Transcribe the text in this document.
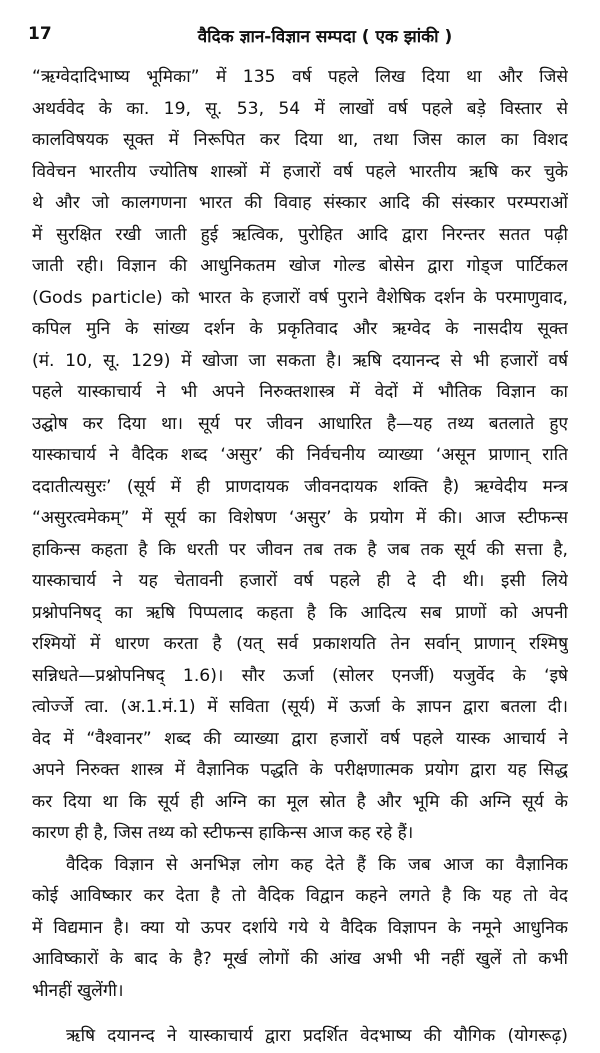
17	वैदिक ज्ञान-विज्ञान सम्पदा ( एक झांकी )
“ऋग्वेदादिभाष्य भूमिका” में 135 वर्ष पहले लिख दिया था और जिसे
अथर्ववेद के का. 19, सू. 53, 54 में लाखों वर्ष पहले बड़े विस्तार से
कालविषयक सूक्त में निरूपित कर दिया था, तथा जिस काल का विशद
विवेचन भारतीय ज्योतिष शास्त्रों में हजारों वर्ष पहले भारतीय ऋषि कर चुके
थे और जो कालगणना भारत की विवाह संस्कार आदि की संस्कार परम्पराओं
में सुरक्षित रखी जाती हुई ऋत्विक, पुरोहित आदि द्वारा निरन्तर सतत पढ़ी
जाती रही। विज्ञान की आधुनिकतम खोज गोल्ड बोसेन द्वारा गोड्ज पार्टिकल
(Gods particle) को भारत के हजारों वर्ष पुराने वैशेषिक दर्शन के परमाणुवाद,
कपिल मुनि के सांख्य दर्शन के प्रकृतिवाद और ऋग्वेद के नासदीय सूक्त
(मं. 10, सू. 129) में खोजा जा सकता है। ऋषि दयानन्द से भी हजारों वर्ष
पहले यास्काचार्य ने भी अपने निरुक्तशास्त्र में वेदों में भौतिक विज्ञान का
उद्घोष कर दिया था। सूर्य पर जीवन आधारित है—यह तथ्य बतलाते हुए
यास्काचार्य ने वैदिक शब्द ‘असुर’ की निर्वचनीय व्याख्या ‘असून प्राणान् राति
ददातीत्यसुरः’ (सूर्य में ही प्राणदायक जीवनदायक शक्ति है) ऋग्वेदीय मन्त्र
“असुरत्वमेकम्” में सूर्य का विशेषण ‘असुर’ के प्रयोग में की। आज स्टीफन्स
हाकिन्स कहता है कि धरती पर जीवन तब तक है जब तक सूर्य की सत्ता है,
यास्काचार्य ने यह चेतावनी हजारों वर्ष पहले ही दे दी थी। इसी लिये
प्रश्नोपनिषद् का ऋषि पिप्पलाद कहता है कि आदित्य सब प्राणों को अपनी
रश्मियों में धारण करता है (यत् सर्व प्रकाशयति तेन सर्वान् प्राणान् रश्मिषु
सन्निधते—प्रश्नोपनिषद् 1.6)। सौर ऊर्जा (सोलर एनर्जी) यजुर्वेद के ‘इषे
त्वोर्ज्जे त्वा. (अ.1.मं.1) में सविता (सूर्य) में ऊर्जा के ज्ञापन द्वारा बतला दी।
वेद में “वैश्वानर” शब्द की व्याख्या द्वारा हजारों वर्ष पहले यास्क आचार्य ने
अपने निरुक्त शास्त्र में वैज्ञानिक पद्धति के परीक्षणात्मक प्रयोग द्वारा यह सिद्ध
कर दिया था कि सूर्य ही अग्नि का मूल स्रोत है और भूमि की अग्नि सूर्य के
कारण ही है, जिस तथ्य को स्टीफन्स हाकिन्स आज कह रहे हैं।
वैदिक विज्ञान से अनभिज्ञ लोग कह देते हैं कि जब आज का वैज्ञानिक
कोई आविष्कार कर देता है तो वैदिक विद्वान कहने लगते है कि यह तो वेद
में विद्यमान है। क्या यो ऊपर दर्शाये गये ये वैदिक विज्ञापन के नमूने आधुनिक
आविष्कारों के बाद के है? मूर्ख लोगों की आंख अभी भी नहीं खुलें तो कभी
भीनहीं खुलेंगी।
ऋषि दयानन्द ने यास्काचार्य द्वारा प्रदर्शित वेदभाष्य की यौगिक (योगरूढ़)
